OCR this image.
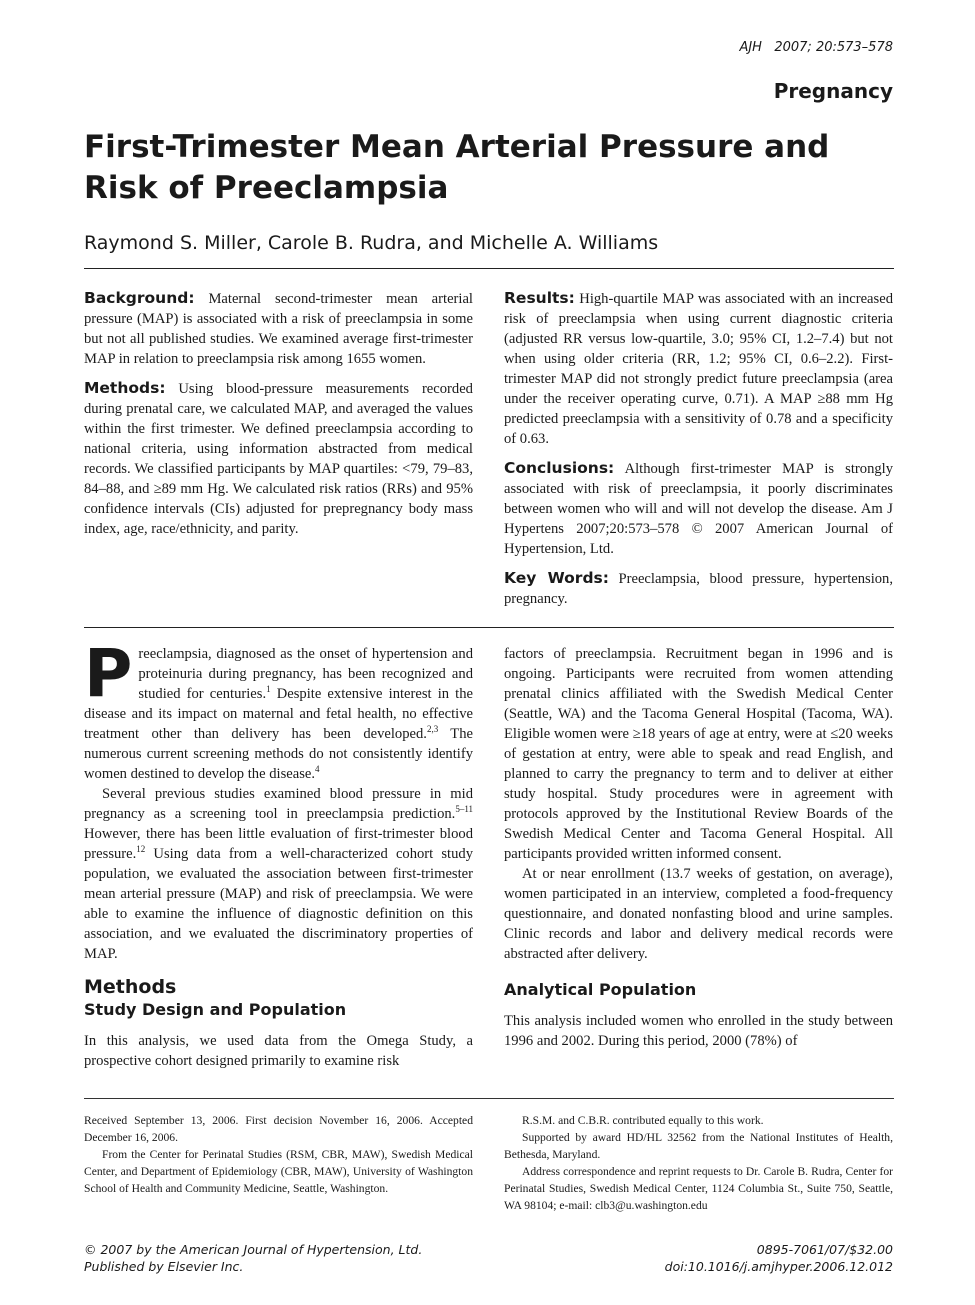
AJH   2007; 20:573–578
Pregnancy
First-Trimester Mean Arterial Pressure and Risk of Preeclampsia
Raymond S. Miller, Carole B. Rudra, and Michelle A. Williams

Background: Maternal second-trimester mean arterial pressure (MAP) is associated with a risk of preeclampsia in some but not all published studies. We examined average first-trimester MAP in relation to preeclampsia risk among 1655 women.

Methods: Using blood-pressure measurements recorded during prenatal care, we calculated MAP, and averaged the values within the first trimester. We defined preeclampsia according to national criteria, using information abstracted from medical records. We classified participants by MAP quartiles: <79, 79–83, 84–88, and ≥89 mm Hg. We calculated risk ratios (RRs) and 95% confidence intervals (CIs) adjusted for prepregnancy body mass index, age, race/ethnicity, and parity.

Results: High-quartile MAP was associated with an increased risk of preeclampsia when using current diagnostic criteria (adjusted RR versus low-quartile, 3.0; 95% CI, 1.2–7.4) but not when using older criteria (RR, 1.2; 95% CI, 0.6–2.2). First-trimester MAP did not strongly predict future preeclampsia (area under the receiver operating curve, 0.71). A MAP ≥88 mm Hg predicted preeclampsia with a sensitivity of 0.78 and a specificity of 0.63.

Conclusions: Although first-trimester MAP is strongly associated with risk of preeclampsia, it poorly discriminates between women who will and will not develop the disease. Am J Hypertens 2007;20:573–578 © 2007 American Journal of Hypertension, Ltd.

Key Words: Preeclampsia, blood pressure, hypertension, pregnancy.

Preeclampsia, diagnosed as the onset of hypertension and proteinuria during pregnancy, has been recognized and studied for centuries.$^1$ Despite extensive interest in the disease and its impact on maternal and fetal health, no effective treatment other than delivery has been developed.$^{2,3}$ The numerous current screening methods do not consistently identify women destined to develop the disease.$^4$

Several previous studies examined blood pressure in mid pregnancy as a screening tool in preeclampsia prediction.$^{5-11}$ However, there has been little evaluation of first-trimester blood pressure.$^{12}$ Using data from a well-characterized cohort study population, we evaluated the association between first-trimester mean arterial pressure (MAP) and risk of preeclampsia. We were able to examine the influence of diagnostic definition on this association, and we evaluated the discriminatory properties of MAP.

Methods

Study Design and Population

In this analysis, we used data from the Omega Study, a prospective cohort designed primarily to examine risk

factors of preeclampsia. Recruitment began in 1996 and is ongoing. Participants were recruited from women attending prenatal clinics affiliated with the Swedish Medical Center (Seattle, WA) and the Tacoma General Hospital (Tacoma, WA). Eligible women were ≥18 years of age at entry, were at ≤20 weeks of gestation at entry, were able to speak and read English, and planned to carry the pregnancy to term and to deliver at either study hospital. Study procedures were in agreement with protocols approved by the Institutional Review Boards of the Swedish Medical Center and Tacoma General Hospital. All participants provided written informed consent.

At or near enrollment (13.7 weeks of gestation, on average), women participated in an interview, completed a food-frequency questionnaire, and donated nonfasting blood and urine samples. Clinic records and labor and delivery medical records were abstracted after delivery.

Analytical Population

This analysis included women who enrolled in the study between 1996 and 2002. During this period, 2000 (78%) of

Received September 13, 2006. First decision November 16, 2006. Accepted December 16, 2006.

From the Center for Perinatal Studies (RSM, CBR, MAW), Swedish Medical Center, and Department of Epidemiology (CBR, MAW), University of Washington School of Health and Community Medicine, Seattle, Washington.

R.S.M. and C.B.R. contributed equally to this work.

Supported by award HD/HL 32562 from the National Institutes of Health, Bethesda, Maryland.

Address correspondence and reprint requests to Dr. Carole B. Rudra, Center for Perinatal Studies, Swedish Medical Center, 1124 Columbia St., Suite 750, Seattle, WA 98104; e-mail: clb3@u.washington.edu

© 2007 by the American Journal of Hypertension, Ltd.
Published by Elsevier Inc.
0895-7061/07/$32.00
doi:10.1016/j.amjhyper.2006.12.012
